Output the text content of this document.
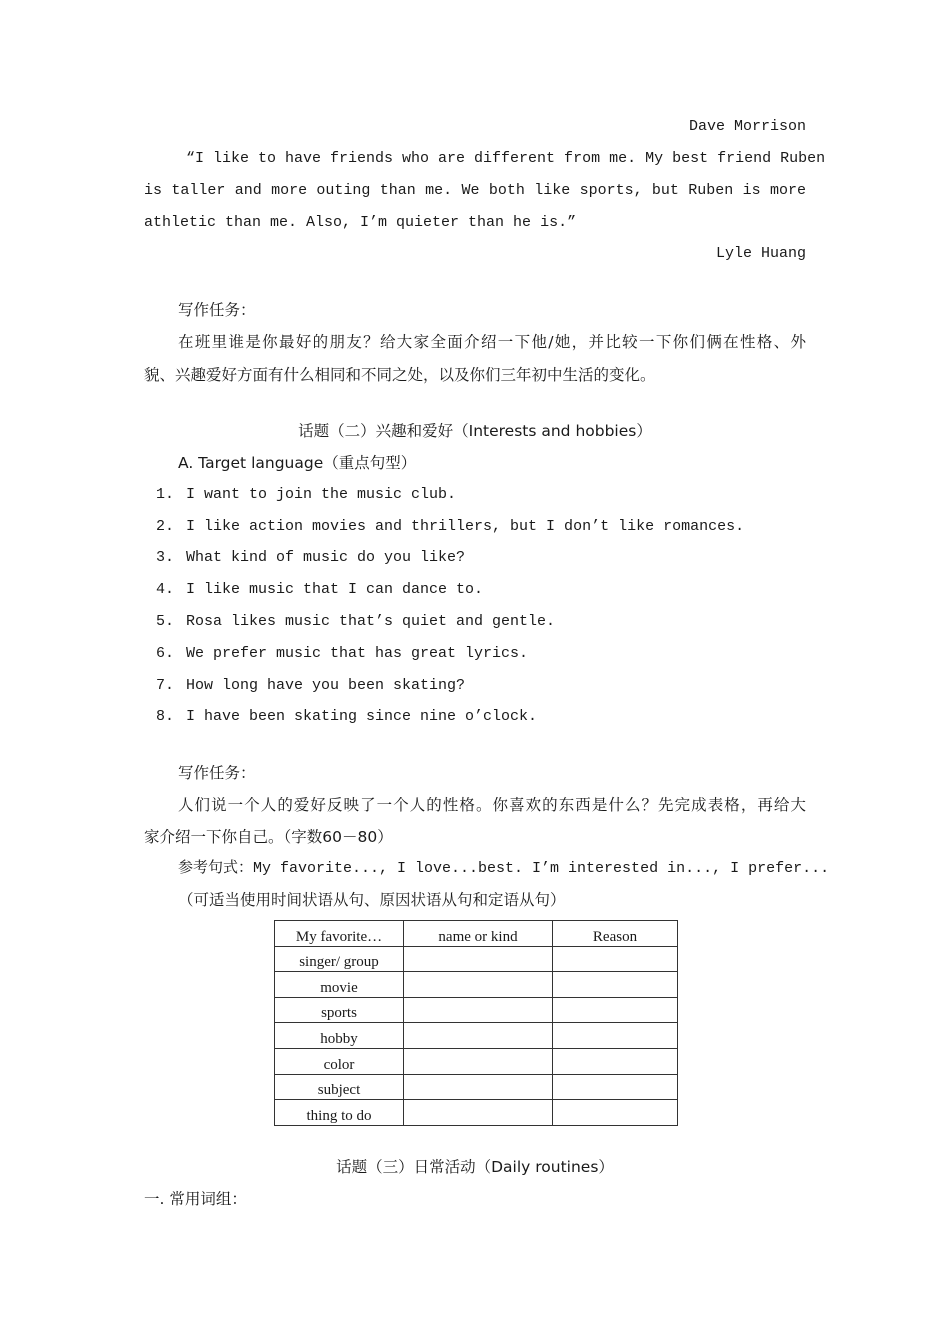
Dave Morrison
“I like to have friends who are different from me. My best friend Ruben
is taller and more outing than me. We both like sports, but Ruben is more
athletic than me. Also, I’m quieter than he is.”
Lyle Huang
写作任务：
在班里谁是你最好的朋友？给大家全面介绍一下他/她，并比较一下你们俩在性格、外
貌、兴趣爱好方面有什么相同和不同之处，以及你们三年初中生活的变化。
话题（二）兴趣和爱好（Interests and hobbies）
A. Target language（重点句型）
1. I want to join the music club.
2. I like action movies and thrillers, but I don’t like romances.
3. What kind of music do you like?
4. I like music that I can dance to.
5. Rosa likes music that’s quiet and gentle.
6. We prefer music that has great lyrics.
7. How long have you been skating?
8. I have been skating since nine o’clock.
写作任务：
人们说一个人的爱好反映了一个人的性格。你喜欢的东西是什么？先完成表格，再给大
家介绍一下你自己。（字数60－80）
参考句式：My favorite..., I love...best. I’m interested in..., I prefer...
（可适当使用时间状语从句、原因状语从句和定语从句）
My favorite…	name or kind	Reason
singer/ group		
movie		
sports		
hobby		
color		
subject		
thing to do		
话题（三）日常活动（Daily routines）
一. 常用词组：
